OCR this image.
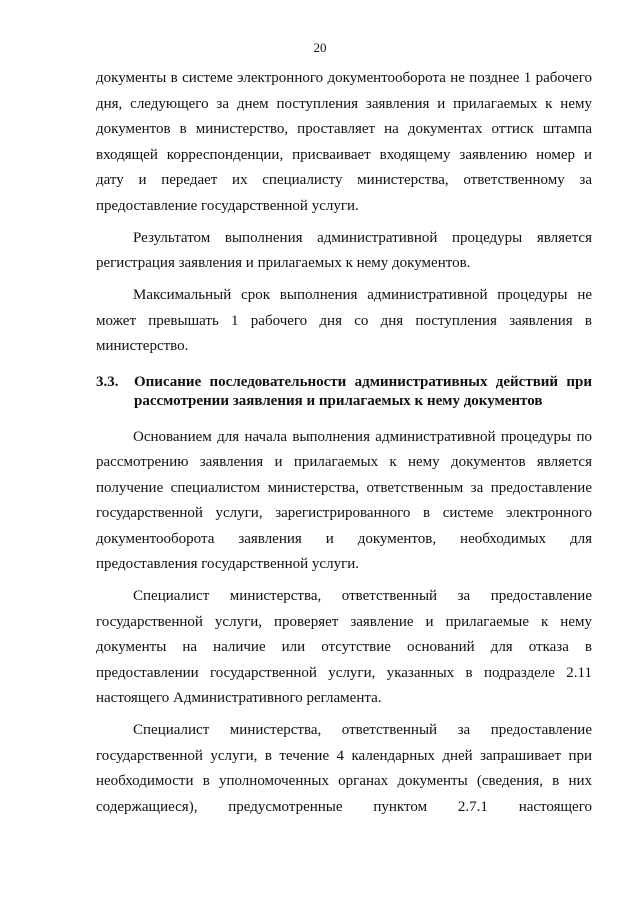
20

документы в системе электронного документооборота не позднее 1 рабочего дня, следующего за днем поступления заявления и прилагаемых к нему документов в министерство, проставляет на документах оттиск штампа входящей корреспонденции, присваивает входящему заявлению номер и дату и передает их специалисту министерства, ответственному за предоставление государственной услуги.

Результатом выполнения административной процедуры является регистрация заявления и прилагаемых к нему документов.

Максимальный срок выполнения административной процедуры не может превышать 1 рабочего дня со дня поступления заявления в министерство.

3.3.	Описание последовательности административных действий при рассмотрении заявления и прилагаемых к нему документов

Основанием для начала выполнения административной процедуры по рассмотрению заявления и прилагаемых к нему документов является получение специалистом министерства, ответственным за предоставление государственной услуги, зарегистрированного в системе электронного документооборота заявления и документов, необходимых для предоставления государственной услуги.

Специалист министерства, ответственный за предоставление государственной услуги, проверяет заявление и прилагаемые к нему документы на наличие или отсутствие оснований для отказа в предоставлении государственной услуги, указанных в подразделе 2.11 настоящего Административного регламента.

Специалист министерства, ответственный за предоставление государственной услуги, в течение 4 календарных дней запрашивает при необходимости в уполномоченных органах документы (сведения, в них содержащиеся), предусмотренные пунктом 2.7.1 настоящего
